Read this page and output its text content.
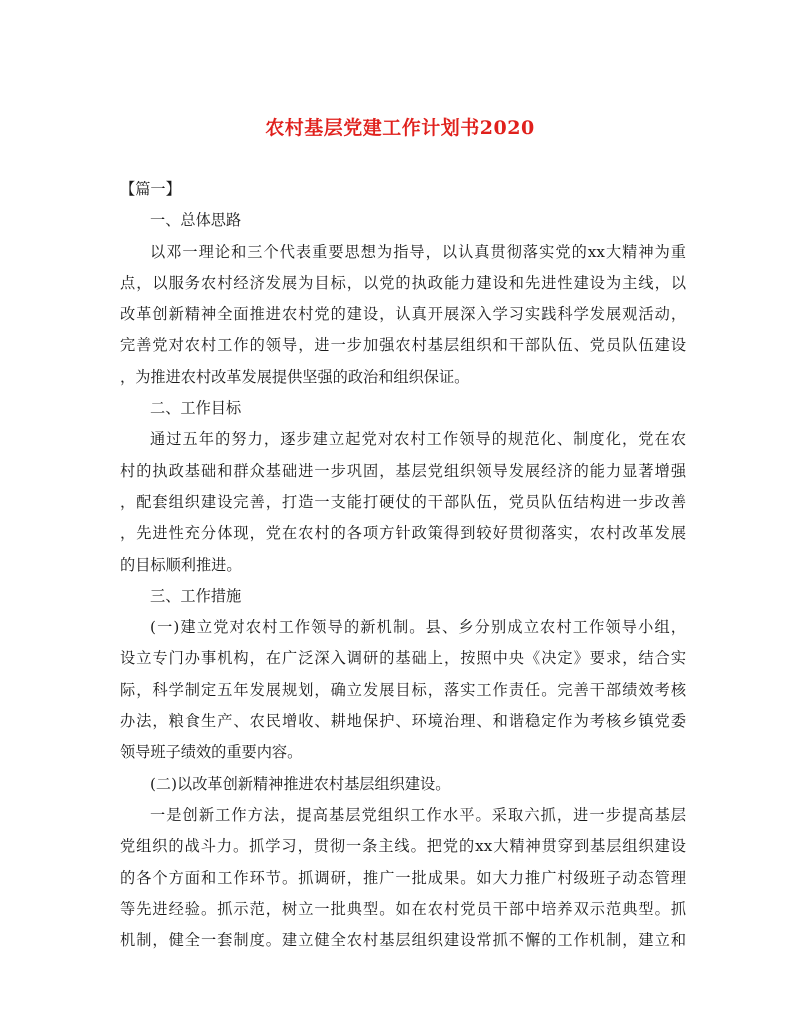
农村基层党建工作计划书2020
【篇一】
一、总体思路
以邓一理论和三个代表重要思想为指导，以认真贯彻落实党的xx大精神为重
点，以服务农村经济发展为目标，以党的执政能力建设和先进性建设为主线，以
改革创新精神全面推进农村党的建设，认真开展深入学习实践科学发展观活动，
完善党对农村工作的领导，进一步加强农村基层组织和干部队伍、党员队伍建设
，为推进农村改革发展提供坚强的政治和组织保证。
二、工作目标
通过五年的努力，逐步建立起党对农村工作领导的规范化、制度化，党在农
村的执政基础和群众基础进一步巩固，基层党组织领导发展经济的能力显著增强
，配套组织建设完善，打造一支能打硬仗的干部队伍，党员队伍结构进一步改善
，先进性充分体现，党在农村的各项方针政策得到较好贯彻落实，农村改革发展
的目标顺利推进。
三、工作措施
(一)建立党对农村工作领导的新机制。县、乡分别成立农村工作领导小组，
设立专门办事机构，在广泛深入调研的基础上，按照中央《决定》要求，结合实
际，科学制定五年发展规划，确立发展目标，落实工作责任。完善干部绩效考核
办法，粮食生产、农民增收、耕地保护、环境治理、和谐稳定作为考核乡镇党委
领导班子绩效的重要内容。
(二)以改革创新精神推进农村基层组织建设。
一是创新工作方法，提高基层党组织工作水平。采取六抓，进一步提高基层
党组织的战斗力。抓学习，贯彻一条主线。把党的xx大精神贯穿到基层组织建设
的各个方面和工作环节。抓调研，推广一批成果。如大力推广村级班子动态管理
等先进经验。抓示范，树立一批典型。如在农村党员干部中培养双示范典型。抓
机制，健全一套制度。建立健全农村基层组织建设常抓不懈的工作机制，建立和
